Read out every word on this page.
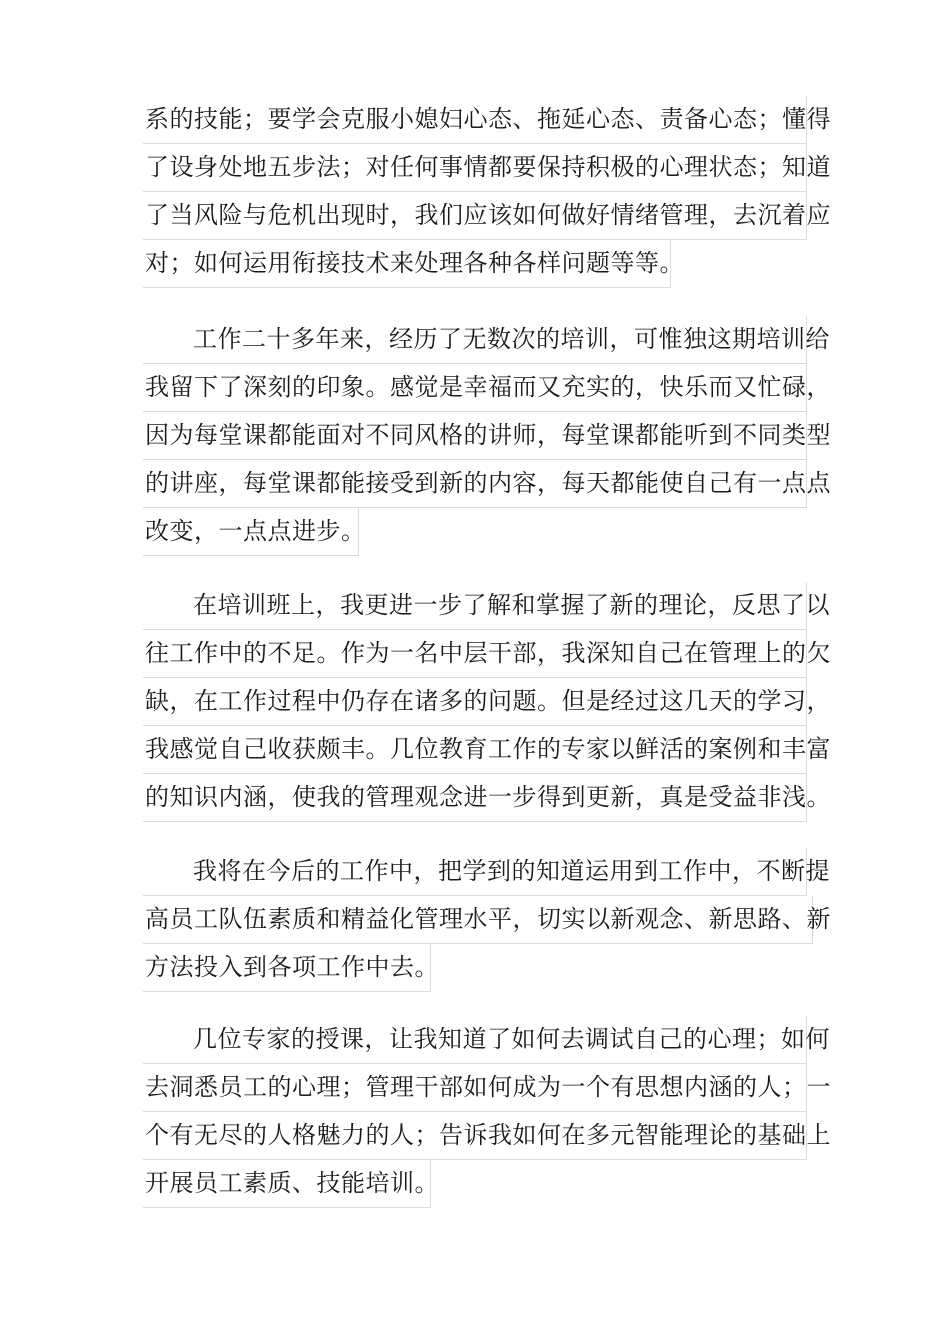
系的技能；要学会克服小媳妇心态、拖延心态、责备心态；懂得
了设身处地五步法；对任何事情都要保持积极的心理状态；知道
了当风险与危机出现时，我们应该如何做好情绪管理，去沉着应
对；如何运用衔接技术来处理各种各样问题等等。
工作二十多年来，经历了无数次的培训，可惟独这期培训给
我留下了深刻的印象。感觉是幸福而又充实的，快乐而又忙碌，
因为每堂课都能面对不同风格的讲师，每堂课都能听到不同类型
的讲座，每堂课都能接受到新的内容，每天都能使自己有一点点
改变，一点点进步。
在培训班上，我更进一步了解和掌握了新的理论，反思了以
往工作中的不足。作为一名中层干部，我深知自己在管理上的欠
缺，在工作过程中仍存在诸多的问题。但是经过这几天的学习，
我感觉自己收获颇丰。几位教育工作的专家以鲜活的案例和丰富
的知识内涵，使我的管理观念进一步得到更新，真是受益非浅。
我将在今后的工作中，把学到的知道运用到工作中，不断提
高员工队伍素质和精益化管理水平，切实以新观念、新思路、新
方法投入到各项工作中去。
几位专家的授课，让我知道了如何去调试自己的心理；如何
去洞悉员工的心理；管理干部如何成为一个有思想内涵的人；一
个有无尽的人格魅力的人；告诉我如何在多元智能理论的基础上
开展员工素质、技能培训。
